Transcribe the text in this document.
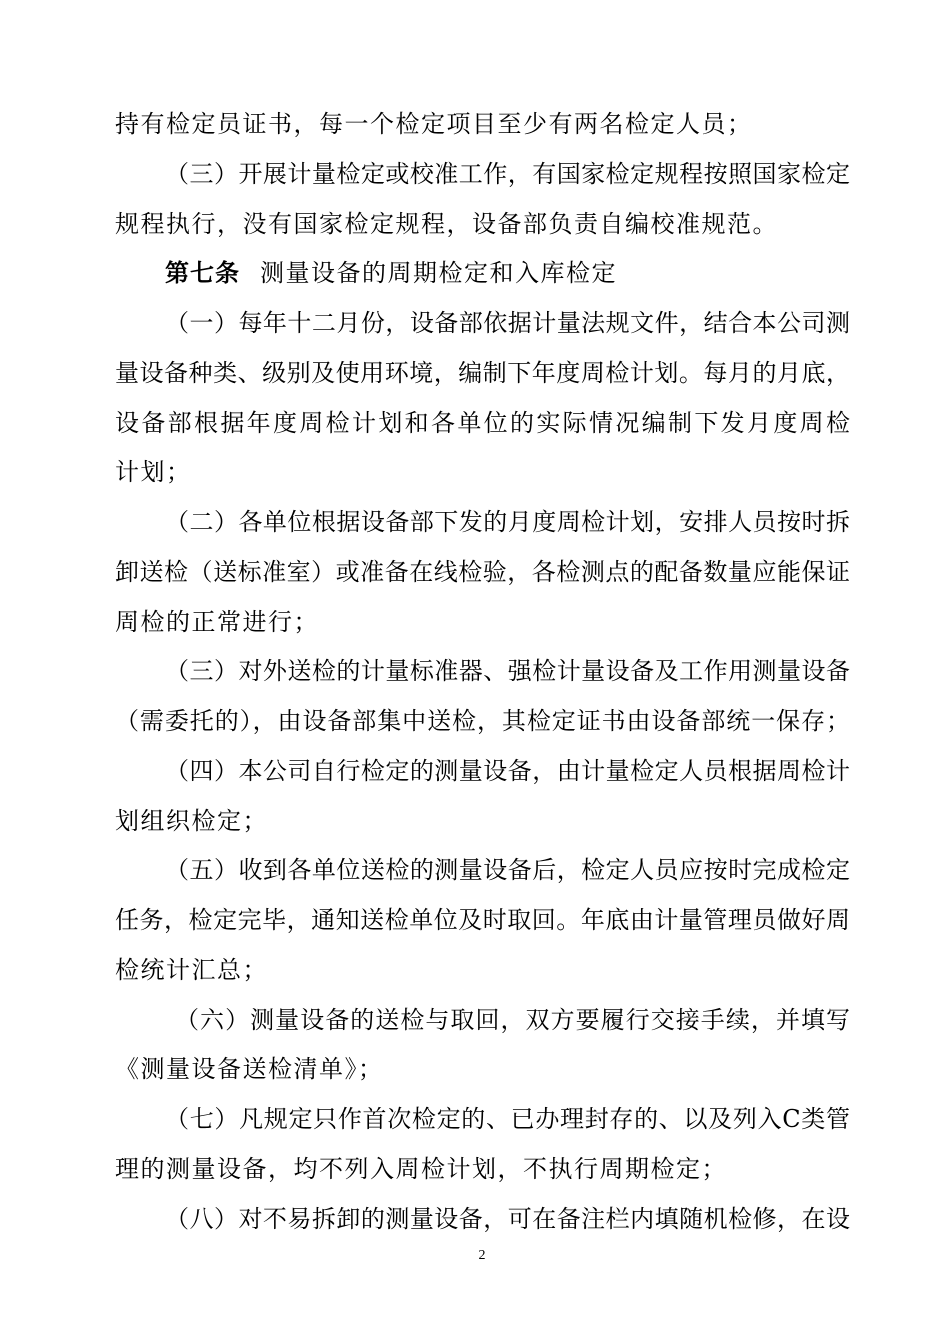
持有检定员证书，每一个检定项目至少有两名检定人员；
（三）开展计量检定或校准工作，有国家检定规程按照国家检定
规程执行，没有国家检定规程，设备部负责自编校准规范。
第七条 测量设备的周期检定和入库检定
（一）每年十二月份，设备部依据计量法规文件，结合本公司测
量设备种类、级别及使用环境，编制下年度周检计划。每月的月底，
设备部根据年度周检计划和各单位的实际情况编制下发月度周检
计划；
（二）各单位根据设备部下发的月度周检计划，安排人员按时拆
卸送检（送标准室）或准备在线检验，各检测点的配备数量应能保证
周检的正常进行；
（三）对外送检的计量标准器、强检计量设备及工作用测量设备
（需委托的），由设备部集中送检，其检定证书由设备部统一保存；
（四）本公司自行检定的测量设备，由计量检定人员根据周检计
划组织检定；
（五）收到各单位送检的测量设备后，检定人员应按时完成检定
任务，检定完毕，通知送检单位及时取回。年底由计量管理员做好周
检统计汇总；
（六）测量设备的送检与取回，双方要履行交接手续，并填写
《测量设备送检清单》；
（七）凡规定只作首次检定的、已办理封存的、以及列入C类管
理的测量设备，均不列入周检计划，不执行周期检定；
（八）对不易拆卸的测量设备，可在备注栏内填随机检修，在设
2
